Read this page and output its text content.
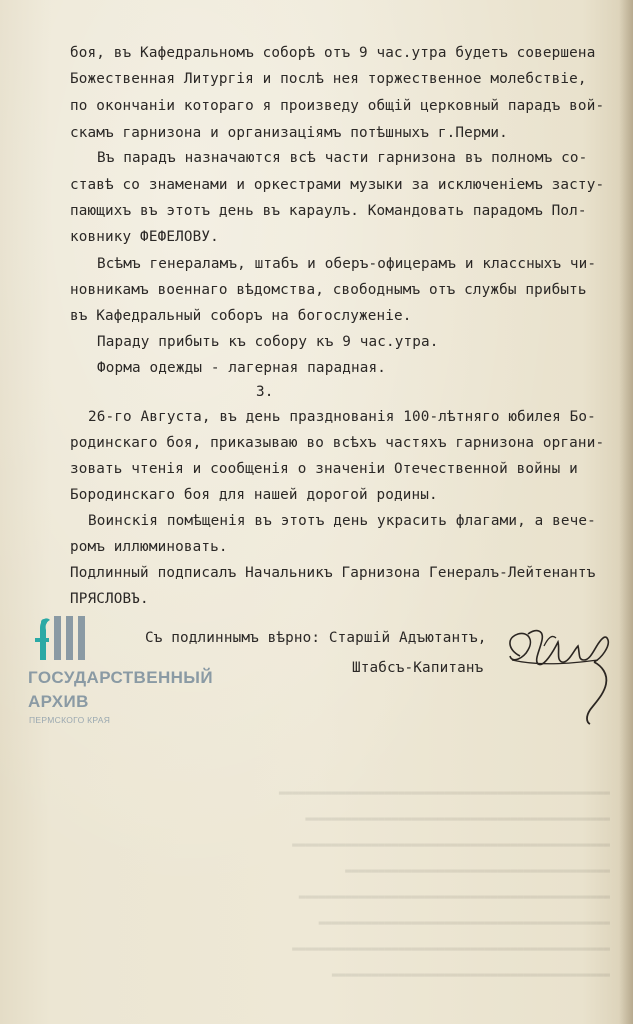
▬▬▬▬▬▬▬▬▬▬▬▬▬▬▬▬▬▬▬▬▬▬▬▬▬▬▬▬▬▬▬▬▬▬▬▬▬▬▬▬▬▬▬▬▬▬▬▬▬▬
▬▬▬▬▬▬▬▬▬▬▬▬▬▬▬▬▬▬▬▬▬▬▬▬▬▬▬▬▬▬▬▬▬▬▬▬▬▬▬▬▬▬▬▬▬▬
▬▬▬▬▬▬▬▬▬▬▬▬▬▬▬▬▬▬▬▬▬▬▬▬▬▬▬▬▬▬▬▬▬▬▬▬▬▬▬▬▬▬▬▬▬▬▬▬
▬▬▬▬▬▬▬▬▬▬▬▬▬▬▬▬▬▬▬▬▬▬▬▬▬▬▬▬▬▬▬▬▬▬▬▬▬▬▬▬
▬▬▬▬▬▬▬▬▬▬▬▬▬▬▬▬▬▬▬▬▬▬▬▬▬▬▬▬▬▬▬▬▬▬▬▬▬▬▬▬▬▬▬▬▬▬▬
▬▬▬▬▬▬▬▬▬▬▬▬▬▬▬▬▬▬▬▬▬▬▬▬▬▬▬▬▬▬▬▬▬▬▬▬▬▬▬▬▬▬▬▬
▬▬▬▬▬▬▬▬▬▬▬▬▬▬▬▬▬▬▬▬▬▬▬▬▬▬▬▬▬▬▬▬▬▬▬▬▬▬▬▬▬▬▬▬▬▬▬▬
▬▬▬▬▬▬▬▬▬▬▬▬▬▬▬▬▬▬▬▬▬▬▬▬▬▬▬▬▬▬▬▬▬▬▬▬▬▬▬▬▬▬
боя, въ Кафедральномъ соборѣ отъ 9 час.утра будетъ совершена
Божественная Литургія и послѣ нея торжественное молебствіе,
по окончаніи котораго я произведу общій церковный парадъ вой-
скамъ гарнизона и организаціямъ потѣшныхъ г.Перми.
Въ парадъ назначаются всѣ части гарнизона въ полномъ со-
ставѣ со знаменами и оркестрами музыки за исключеніемъ засту-
пающихъ въ этотъ день въ караулъ. Командовать парадомъ Пол-
ковнику ФЕФЕЛОВУ.
Всѣмъ генераламъ, штабъ и оберъ-офицерамъ и классныхъ чи-
новникамъ военнаго вѣдомства, свободнымъ отъ службы прибыть
въ Кафедральный соборъ на богослуженіе.
Параду прибыть къ собору къ 9 час.утра.
Форма одежды - лагерная парадная.
3.
26-го Августа, въ день празднованія 100-лѣтняго юбилея Бо-
родинскаго боя, приказываю во всѣхъ частяхъ гарнизона органи-
зовать чтенія и сообщенія о значеніи Отечественной войны и
Бородинскаго боя для нашей дорогой родины.
Воинскія помѣщенія въ этотъ день украсить флагами, а вече-
ромъ иллюминовать.
Подлинный подписалъ Начальникъ Гарнизона Генералъ-Лейтенантъ
ПРЯСЛОВЪ.
Съ подлиннымъ вѣрно: Старшій Адъютантъ,
Штабсъ-Капитанъ
ГОСУДАРСТВЕННЫЙ
АРХИВ
ПЕРМСКОГО КРАЯ
